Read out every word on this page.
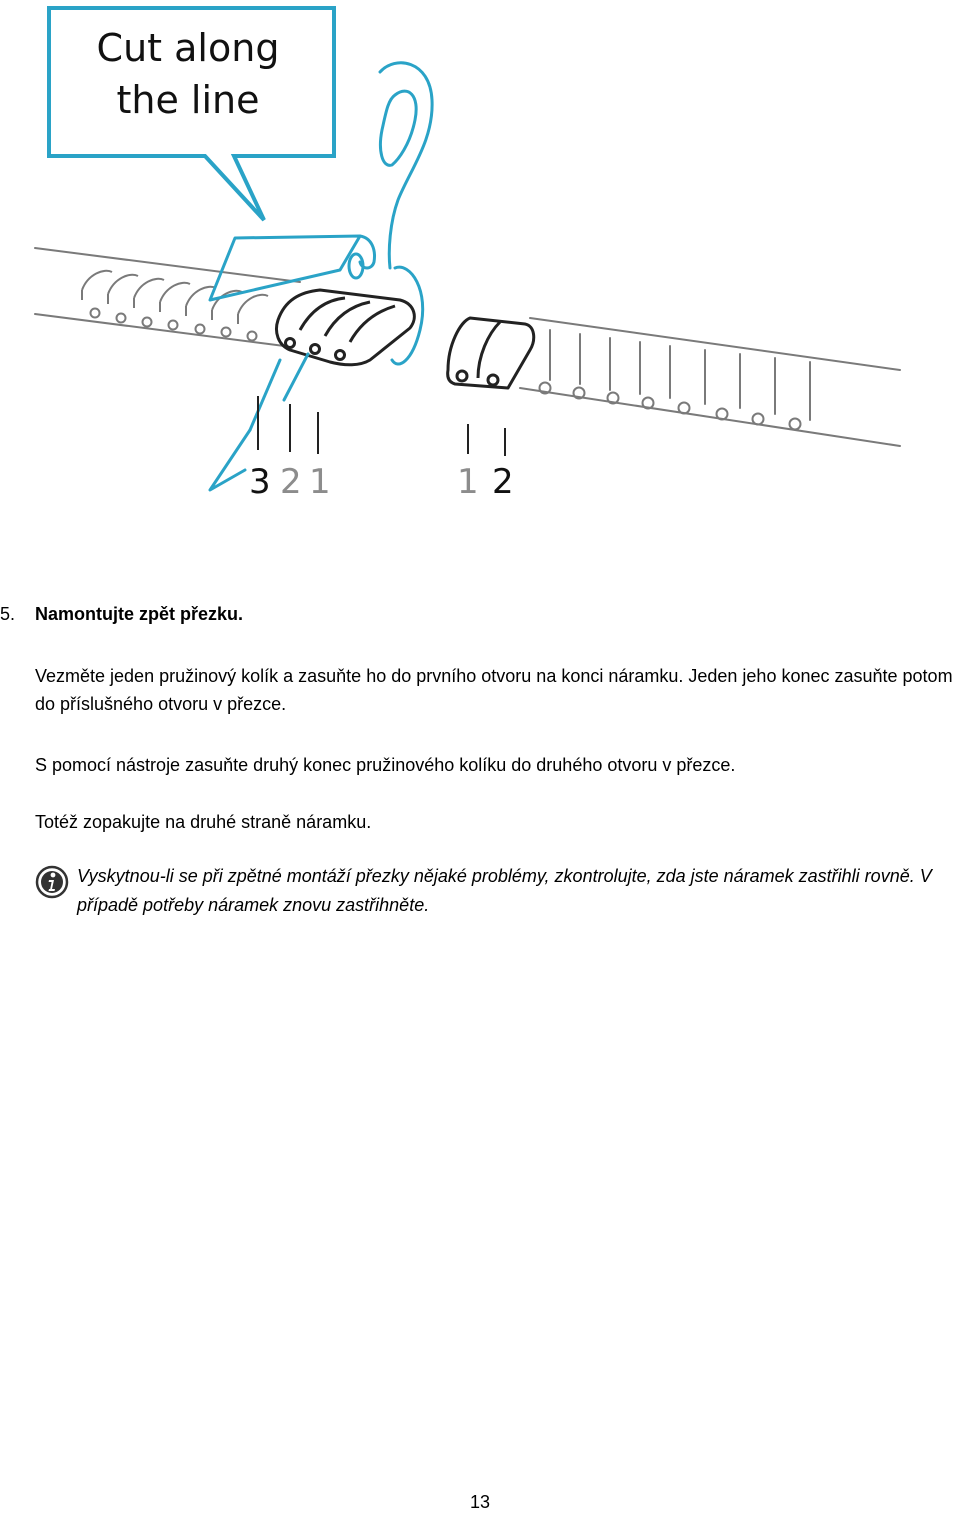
Cut along
the line
3 2 1	1 2
5. Namontujte zpět přezku.
Vezměte jeden pružinový kolík a zasuňte ho do prvního otvoru na konci náramku. Jeden jeho konec zasuňte potom do příslušného otvoru v přezce.
S pomocí nástroje zasuňte druhý konec pružinového kolíku do druhého otvoru v přezce.
Totéž zopakujte na druhé straně náramku.
Vyskytnou-li se při zpětné montáží přezky nějaké problémy, zkontrolujte, zda jste náramek zastřihli rovně. V případě potřeby náramek znovu zastřihněte.
13
